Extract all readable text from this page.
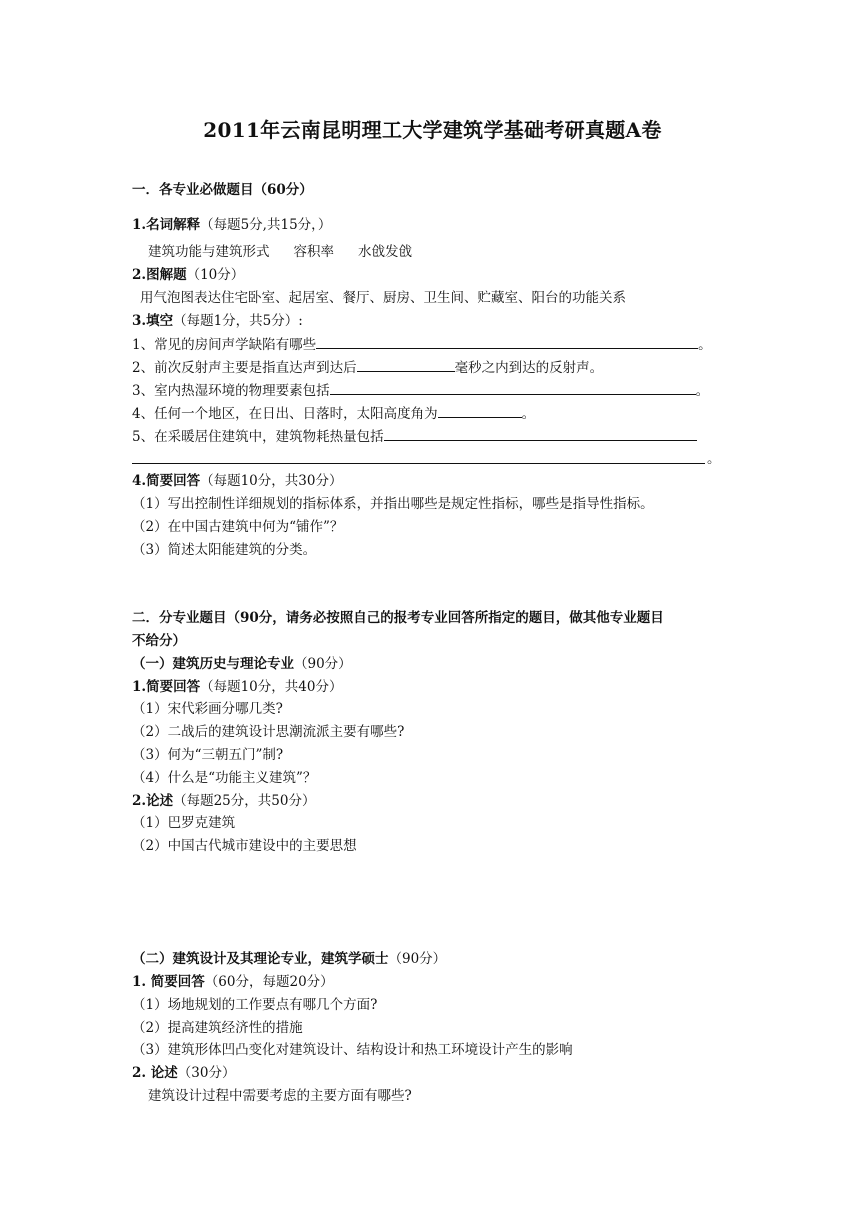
2011年云南昆明理工大学建筑学基础考研真题A卷
一．各专业必做题目（60分）
1.名词解释（每题5分,共15分，）
建筑功能与建筑形式 容积率 水戗发戗
2.图解题（10分）
用气泡图表达住宅卧室、起居室、餐厅、厨房、卫生间、贮藏室、阳台的功能关系
3.填空（每题1分，共5分）:
1、常见的房间声学缺陷有哪些	。
2、前次反射声主要是指直达声到达后	毫秒之内到达的反射声。
3、室内热湿环境的物理要素包括	。
4、任何一个地区，在日出、日落时，太阳高度角为	。
5、在采暖居住建筑中，建筑物耗热量包括
。
4.简要回答（每题10分，共30分）
（1）写出控制性详细规划的指标体系，并指出哪些是规定性指标，哪些是指导性指标。
（2）在中国古建筑中何为“铺作”？
（3）简述太阳能建筑的分类。
二．分专业题目（90分，请务必按照自己的报考专业回答所指定的题目，做其他专业题目
不给分）
（一）建筑历史与理论专业（90分）
1.简要回答（每题10分，共40分）
（1）宋代彩画分哪几类?
（2）二战后的建筑设计思潮流派主要有哪些?
（3）何为“三朝五门”制?
（4）什么是“功能主义建筑”？
2.论述（每题25分，共50分）
（1）巴罗克建筑
（2）中国古代城市建设中的主要思想
（二）建筑设计及其理论专业，建筑学硕士（90分）
1. 简要回答（60分，每题20分）
（1）场地规划的工作要点有哪几个方面?
（2）提高建筑经济性的措施
（3）建筑形体凹凸变化对建筑设计、结构设计和热工环境设计产生的影响
2. 论述（30分）
建筑设计过程中需要考虑的主要方面有哪些?
